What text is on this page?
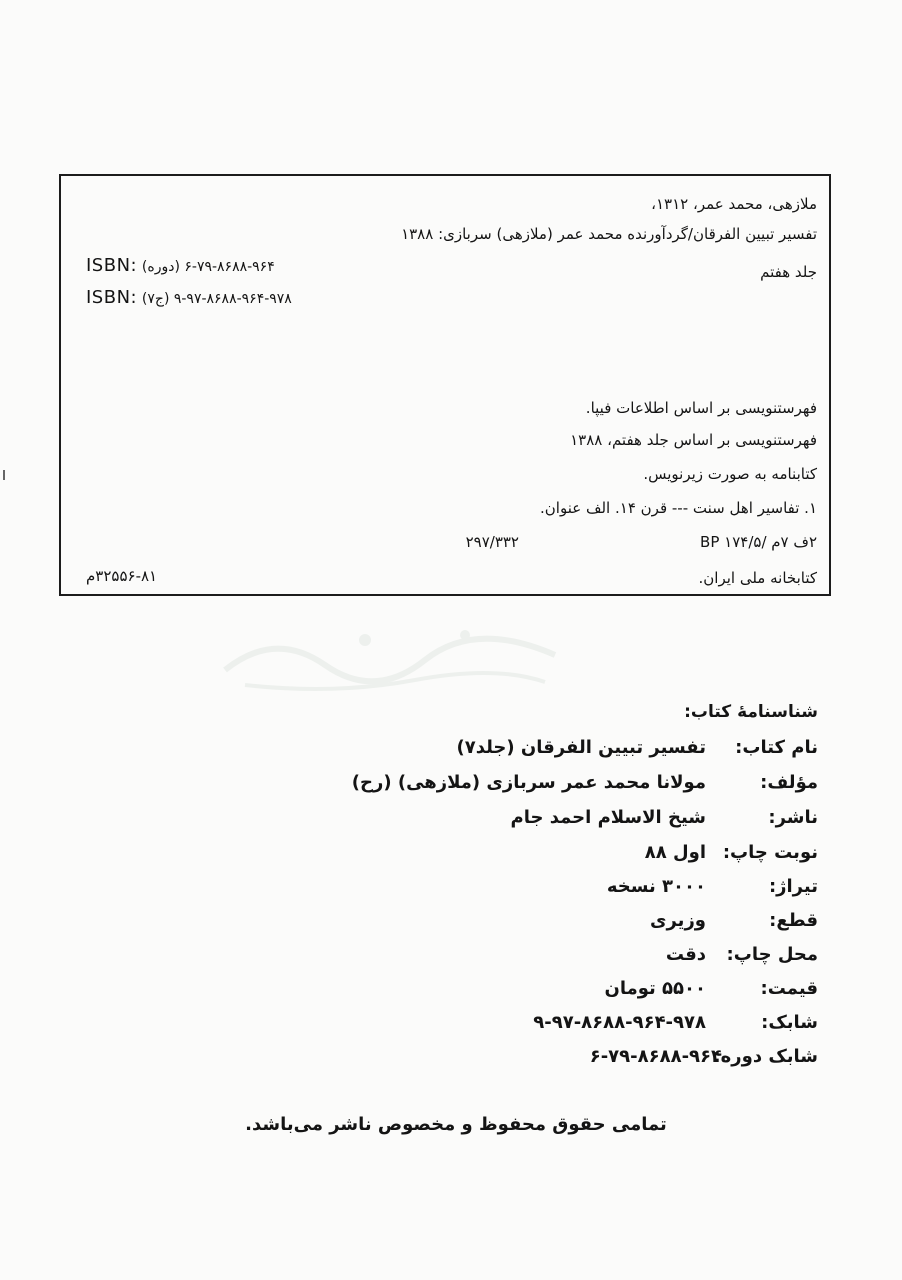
ملازهی، محمد عمر، ۱۳۱۲،
تفسیر تبیین الفرقان/گردآورنده محمد عمر (ملازهی) سربازی: ۱۳۸۸
جلد هفتم
ISBN: ۶-۷۹-۸۶۸۸-۹۶۴ (دوره)
ISBN: ۹-۹۷-۸۶۸۸-۹۶۴-۹۷۸ (ج۷)
فهرستنویسی بر اساس اطلاعات فیپا.
فهرستنویسی بر اساس جلد هفتم، ۱۳۸۸
کتابنامه به صورت زیرنویس.
۱. تفاسیر اهل سنت --- قرن ۱۴. الف عنوان.
۲ف ۷م /BP ۱۷۴/۵
۲۹۷/۳۳۲
کتابخانه ملی ایران.
۳۲۵۵۶-۸۱م
شناسنامهٔ کتاب:
نام کتاب:
تفسیر تبیین الفرقان (جلد۷)
مؤلف:
مولانا محمد عمر سربازی (ملازهی) (رح)
ناشر:
شیخ الاسلام احمد جام
نوبت چاپ:
اول ۸۸
تیراژ:
۳۰۰۰ نسخه
قطع:
وزیری
محل چاپ:
دقت
قیمت:
۵۵۰۰ تومان
شابک:
۹-۹۷-۸۶۸۸-۹۶۴-۹۷۸
شابک دوره:
۶-۷۹-۸۶۸۸-۹۶۴
تمامی حقوق محفوظ و مخصوص ناشر می‌باشد.
